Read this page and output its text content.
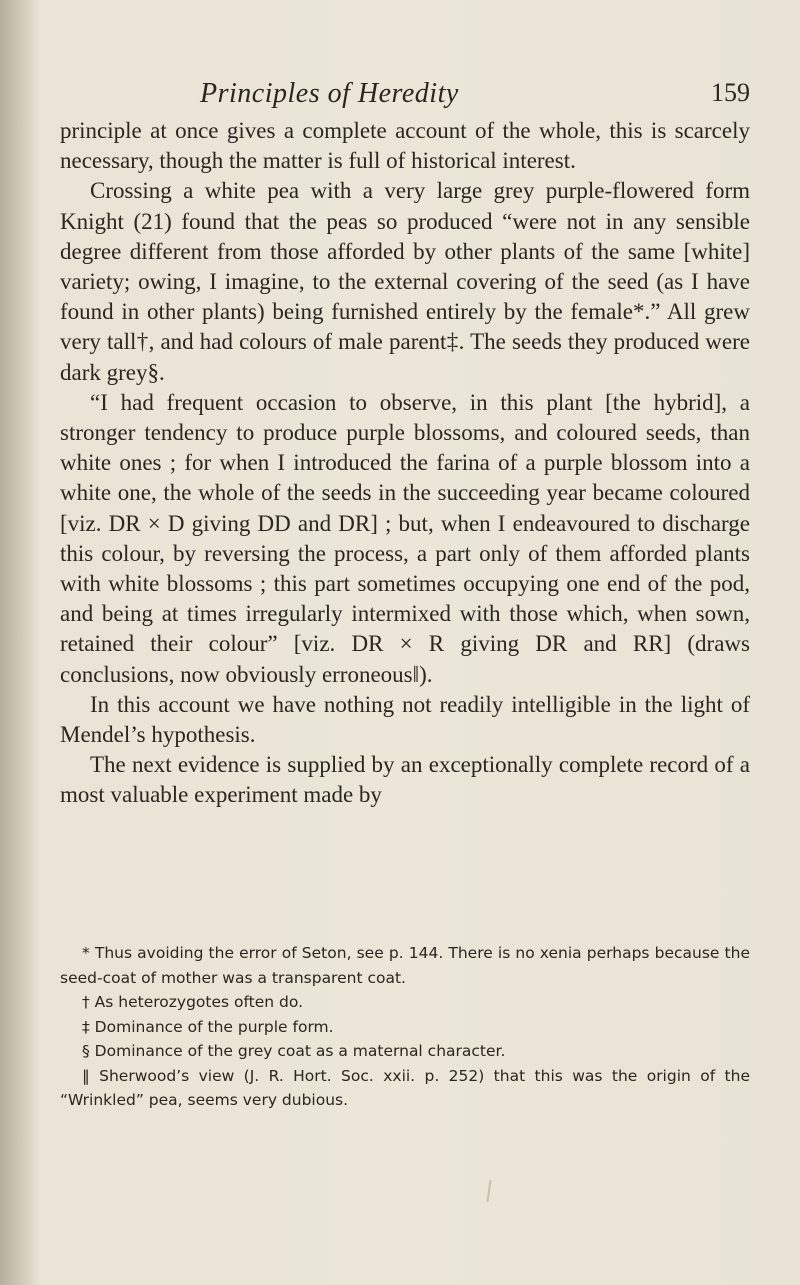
Principles of Heredity	159

principle at once gives a complete account of the whole, this is scarcely necessary, though the matter is full of historical interest.

Crossing a white pea with a very large grey purple-flowered form Knight (21) found that the peas so produced “were not in any sensible degree different from those afforded by other plants of the same [white] variety; owing, I imagine, to the external covering of the seed (as I have found in other plants) being furnished entirely by the female*.” All grew very tall†, and had colours of male parent‡. The seeds they produced were dark grey§.

“I had frequent occasion to observe, in this plant [the hybrid], a stronger tendency to produce purple blossoms, and coloured seeds, than white ones ; for when I introduced the farina of a purple blossom into a white one, the whole of the seeds in the succeeding year became coloured [viz. DR × D giving DD and DR] ; but, when I endeavoured to discharge this colour, by reversing the process, a part only of them afforded plants with white blossoms ; this part sometimes occupying one end of the pod, and being at times irregularly intermixed with those which, when sown, retained their colour” [viz. DR × R giving DR and RR] (draws conclusions, now obviously erroneous‖).

In this account we have nothing not readily intelligible in the light of Mendel’s hypothesis.

The next evidence is supplied by an exceptionally complete record of a most valuable experiment made by

* Thus avoiding the error of Seton, see p. 144. There is no xenia perhaps because the seed-coat of mother was a transparent coat.

† As heterozygotes often do.

‡ Dominance of the purple form.

§ Dominance of the grey coat as a maternal character.

‖ Sherwood’s view (J. R. Hort. Soc. xxii. p. 252) that this was the origin of the “Wrinkled” pea, seems very dubious.
